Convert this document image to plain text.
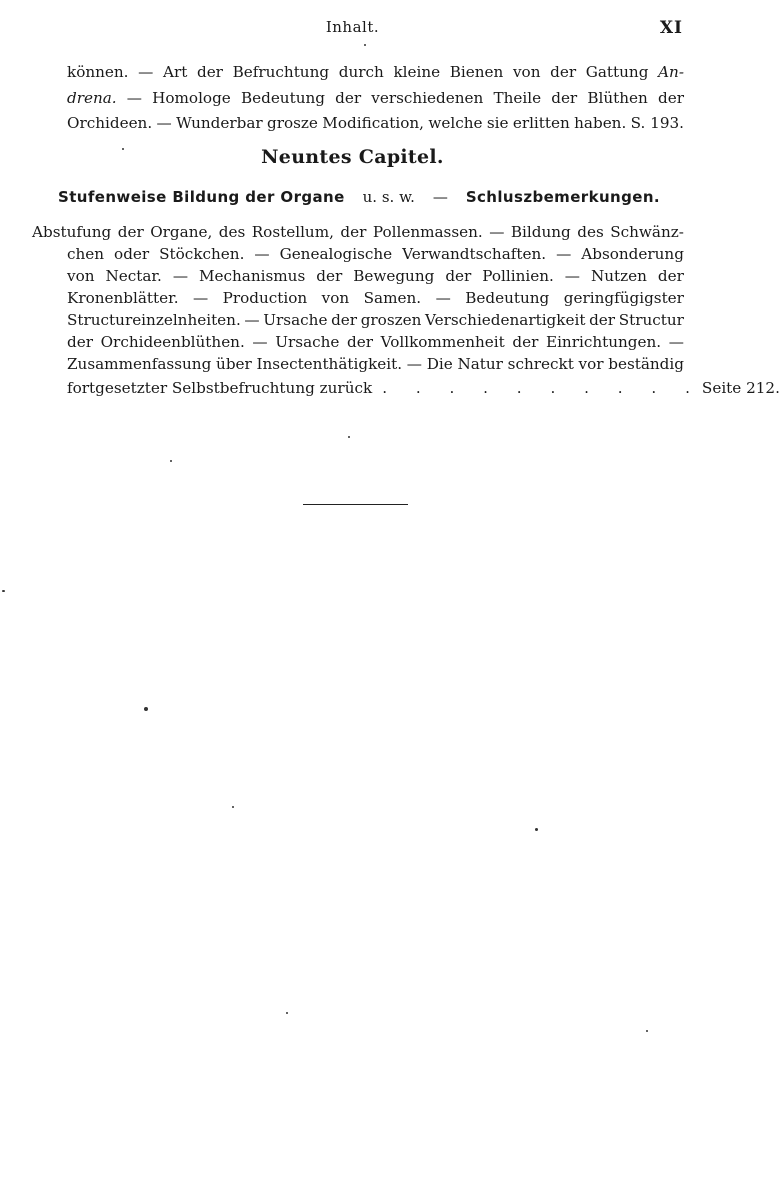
Inhalt.	XI
können. — Art der Befruchtung durch kleine Bienen von der Gattung An-
drena. — Homologe Bedeutung der verschiedenen Theile der Blüthen der
Orchideen. — Wunderbar grosze Modification, welche sie erlitten haben. S. 193.
Neuntes Capitel.
Stufenweise Bildung der Organe u. s. w. — Schluszbemerkungen.
Abstufung der Organe, des Rostellum, der Pollenmassen. — Bildung des Schwänz-
chen oder Stöckchen. — Genealogische Verwandtschaften. — Absonderung
von Nectar. — Mechanismus der Bewegung der Pollinien. — Nutzen der
Kronenblätter. — Production von Samen. — Bedeutung geringfügigster
Structureinzelnheiten. — Ursache der groszen Verschiedenartigkeit der Structur
der Orchideenblüthen. — Ursache der Vollkommenheit der Einrichtungen. —
Zusammenfassung über Insectenthätigkeit. — Die Natur schreckt vor beständig
fortgesetzter Selbstbefruchtung zurück . . . . . . . . . . Seite 212.
